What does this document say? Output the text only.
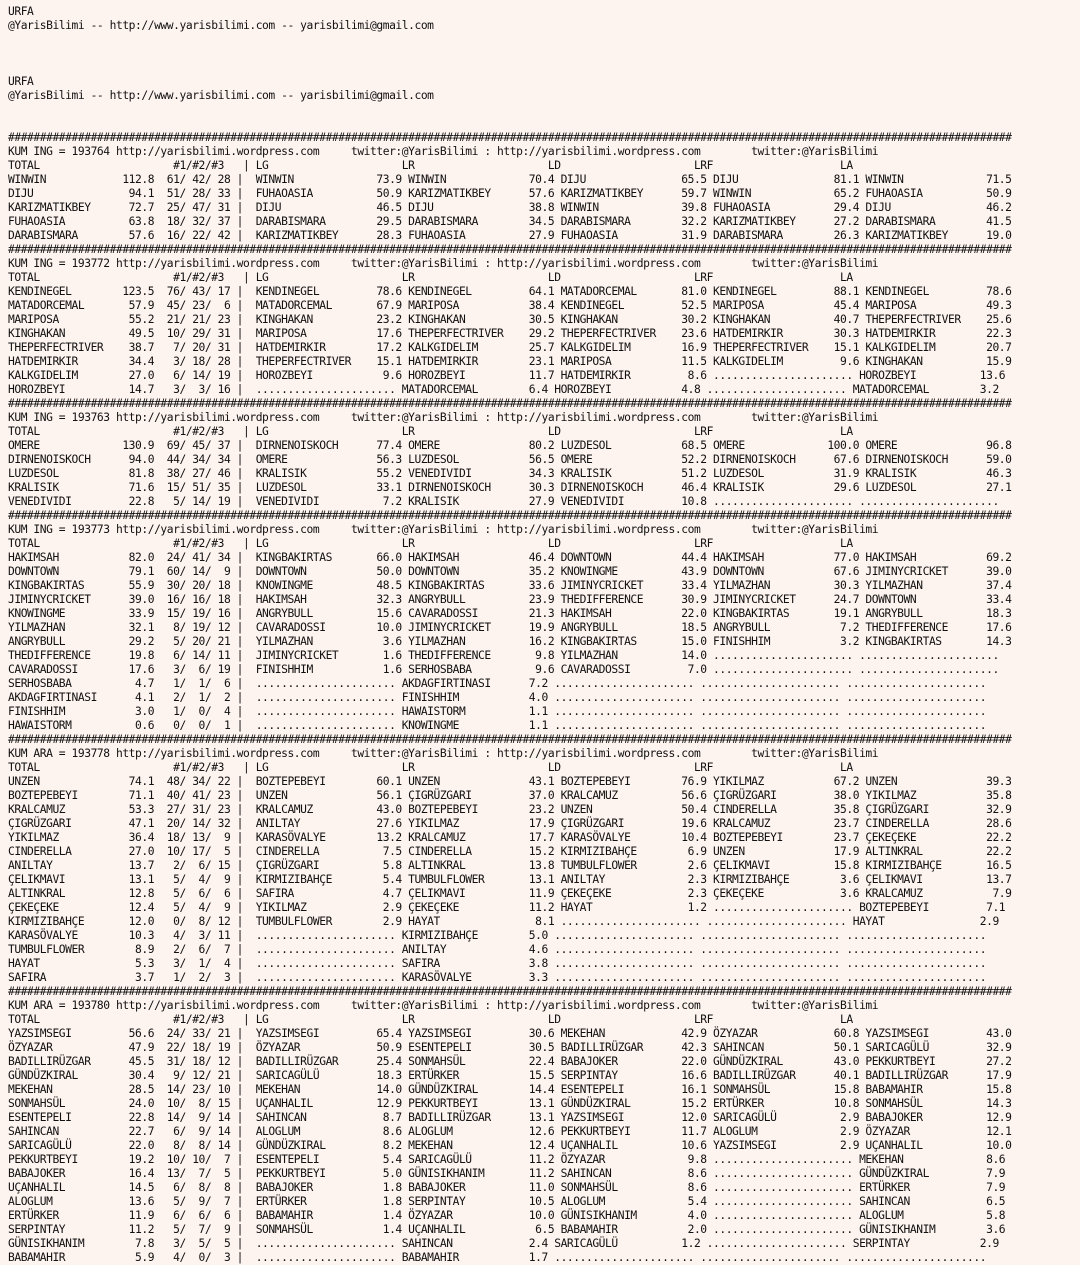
URFA
@YarisBilimi -- http://www.yarisbilimi.com -- yarisbilimi@gmail.com
URFA
@YarisBilimi -- http://www.yarisbilimi.com -- yarisbilimi@gmail.com
##############################################################################################################################################################
KUM ING = 193764 http://yarisbilimi.wordpress.com     twitter:@YarisBilimi : http://yarisbilimi.wordpress.com        twitter:@YarisBilimi
TOTAL                     #1/#2/#3   | LG                     LR                     LD                     LRF                    LA
WINWIN            112.8  61/ 42/ 28 |  WINWIN             73.9 WINWIN             70.4 DIJU               65.5 DIJU               81.1 WINWIN             71.5
DIJU               94.1  51/ 28/ 33 |  FUHAOASIA          50.9 KARIZMATIKBEY      57.6 KARIZMATIKBEY      59.7 WINWIN             65.2 FUHAOASIA          50.9
KARIZMATIKBEY      72.7  25/ 47/ 31 |  DIJU               46.5 DIJU               38.8 WINWIN             39.8 FUHAOASIA          29.4 DIJU               46.2
FUHAOASIA          63.8  18/ 32/ 37 |  DARABISMARA        29.5 DARABISMARA        34.5 DARABISMARA        32.2 KARIZMATIKBEY      27.2 DARABISMARA        41.5
DARABISMARA        57.6  16/ 22/ 42 |  KARIZMATIKBEY      28.3 FUHAOASIA          27.9 FUHAOASIA          31.9 DARABISMARA        26.3 KARIZMATIKBEY      19.0
##############################################################################################################################################################
KUM ING = 193772 http://yarisbilimi.wordpress.com     twitter:@YarisBilimi : http://yarisbilimi.wordpress.com        twitter:@YarisBilimi
TOTAL                     #1/#2/#3   | LG                     LR                     LD                     LRF                    LA
KENDINEGEL        123.5  76/ 43/ 17 |  KENDINEGEL         78.6 KENDINEGEL         64.1 MATADORCEMAL       81.0 KENDINEGEL         88.1 KENDINEGEL         78.6
MATADORCEMAL       57.9  45/ 23/  6 |  MATADORCEMAL       67.9 MARIPOSA           38.4 KENDINEGEL         52.5 MARIPOSA           45.4 MARIPOSA           49.3
MARIPOSA           55.2  21/ 21/ 23 |  KINGHAKAN          23.2 KINGHAKAN          30.5 KINGHAKAN          30.2 KINGHAKAN          40.7 THEPERFECTRIVER    25.6
KINGHAKAN          49.5  10/ 29/ 31 |  MARIPOSA           17.6 THEPERFECTRIVER    29.2 THEPERFECTRIVER    23.6 HATDEMIRKIR        30.3 HATDEMIRKIR        22.3
THEPERFECTRIVER    38.7   7/ 20/ 31 |  HATDEMIRKIR        17.2 KALKGIDELIM        25.7 KALKGIDELIM        16.9 THEPERFECTRIVER    15.1 KALKGIDELIM        20.7
HATDEMIRKIR        34.4   3/ 18/ 28 |  THEPERFECTRIVER    15.1 HATDEMIRKIR        23.1 MARIPOSA           11.5 KALKGIDELIM         9.6 KINGHAKAN          15.9
KALKGIDELIM        27.0   6/ 14/ 19 |  HOROZBEYI           9.6 HOROZBEYI          11.7 HATDEMIRKIR         8.6 ...................... HOROZBEYI          13.6
HOROZBEYI          14.7   3/  3/ 16 |  ...................... MATADORCEMAL        6.4 HOROZBEYI           4.8 ...................... MATADORCEMAL        3.2
##############################################################################################################################################################
KUM ING = 193763 http://yarisbilimi.wordpress.com     twitter:@YarisBilimi : http://yarisbilimi.wordpress.com        twitter:@YarisBilimi
TOTAL                     #1/#2/#3   | LG                     LR                     LD                     LRF                    LA
OMERE             130.9  69/ 45/ 37 |  DIRNENOISKOCH      77.4 OMERE              80.2 LUZDESOL           68.5 OMERE             100.0 OMERE              96.8
DIRNENOISKOCH      94.0  44/ 34/ 34 |  OMERE              56.3 LUZDESOL           56.5 OMERE              52.2 DIRNENOISKOCH      67.6 DIRNENOISKOCH      59.0
LUZDESOL           81.8  38/ 27/ 46 |  KRALISIK           55.2 VENEDIVIDI         34.3 KRALISIK           51.2 LUZDESOL           31.9 KRALISIK           46.3
KRALISIK           71.6  15/ 51/ 35 |  LUZDESOL           33.1 DIRNENOISKOCH      30.3 DIRNENOISKOCH      46.4 KRALISIK           29.6 LUZDESOL           27.1
VENEDIVIDI         22.8   5/ 14/ 19 |  VENEDIVIDI          7.2 KRALISIK           27.9 VENEDIVIDI         10.8 ...................... ......................
##############################################################################################################################################################
KUM ING = 193773 http://yarisbilimi.wordpress.com     twitter:@YarisBilimi : http://yarisbilimi.wordpress.com        twitter:@YarisBilimi
TOTAL                     #1/#2/#3   | LG                     LR                     LD                     LRF                    LA
HAKIMSAH           82.0  24/ 41/ 34 |  KINGBAKIRTAS       66.0 HAKIMSAH           46.4 DOWNTOWN           44.4 HAKIMSAH           77.0 HAKIMSAH           69.2
DOWNTOWN           79.1  60/ 14/  9 |  DOWNTOWN           50.0 DOWNTOWN           35.2 KNOWINGME          43.9 DOWNTOWN           67.6 JIMINYCRICKET      39.0
KINGBAKIRTAS       55.9  30/ 20/ 18 |  KNOWINGME          48.5 KINGBAKIRTAS       33.6 JIMINYCRICKET      33.4 YILMAZHAN          30.3 YILMAZHAN          37.4
JIMINYCRICKET      39.0  16/ 16/ 18 |  HAKIMSAH           32.3 ANGRYBULL          23.9 THEDIFFERENCE      30.9 JIMINYCRICKET      24.7 DOWNTOWN           33.4
KNOWINGME          33.9  15/ 19/ 16 |  ANGRYBULL          15.6 CAVARADOSSI        21.3 HAKIMSAH           22.0 KINGBAKIRTAS       19.1 ANGRYBULL          18.3
YILMAZHAN          32.1   8/ 19/ 12 |  CAVARADOSSI        10.0 JIMINYCRICKET      19.9 ANGRYBULL          18.5 ANGRYBULL           7.2 THEDIFFERENCE      17.6
ANGRYBULL          29.2   5/ 20/ 21 |  YILMAZHAN           3.6 YILMAZHAN          16.2 KINGBAKIRTAS       15.0 FINISHHIM           3.2 KINGBAKIRTAS       14.3
THEDIFFERENCE      19.8   6/ 14/ 11 |  JIMINYCRICKET       1.6 THEDIFFERENCE       9.8 YILMAZHAN          14.0 ...................... ......................
CAVARADOSSI        17.6   3/  6/ 19 |  FINISHHIM           1.6 SERHOSBABA          9.6 CAVARADOSSI         7.0 ...................... ......................
SERHOSBABA          4.7   1/  1/  6 |  ...................... AKDAGFIRTINASI      7.2 ...................... ...................... ......................
AKDAGFIRTINASI      4.1   2/  1/  2 |  ...................... FINISHHIM           4.0 ...................... ...................... ......................
FINISHHIM           3.0   1/  0/  4 |  ...................... HAWAISTORM          1.1 ...................... ...................... ......................
HAWAISTORM          0.6   0/  0/  1 |  ...................... KNOWINGME           1.1 ...................... ...................... ......................
##############################################################################################################################################################
KUM ARA = 193778 http://yarisbilimi.wordpress.com     twitter:@YarisBilimi : http://yarisbilimi.wordpress.com        twitter:@YarisBilimi
TOTAL                     #1/#2/#3   | LG                     LR                     LD                     LRF                    LA
UNZEN              74.1  48/ 34/ 22 |  BOZTEPEBEYI        60.1 UNZEN              43.1 BOZTEPEBEYI        76.9 YIKILMAZ           67.2 UNZEN              39.3
BOZTEPEBEYI        71.1  40/ 41/ 23 |  UNZEN              56.1 ÇIGRÜZGARI         37.0 KRALCAMUZ          56.6 ÇIGRÜZGARI         38.0 YIKILMAZ           35.8
KRALCAMUZ          53.3  27/ 31/ 23 |  KRALCAMUZ          43.0 BOZTEPEBEYI        23.2 UNZEN              50.4 CINDERELLA         35.8 ÇIGRÜZGARI         32.9
ÇIGRÜZGARI         47.1  20/ 14/ 32 |  ANILTAY            27.6 YIKILMAZ           17.9 ÇIGRÜZGARI         19.6 KRALCAMUZ          23.7 CINDERELLA         28.6
YIKILMAZ           36.4  18/ 13/  9 |  KARASÖVALYE        13.2 KRALCAMUZ          17.7 KARASÖVALYE        10.4 BOZTEPEBEYI        23.7 ÇEKEÇEKE           22.2
CINDERELLA         27.0  10/ 17/  5 |  CINDERELLA          7.5 CINDERELLA         15.2 KIRMIZIBAHÇE        6.9 UNZEN              17.9 ALTINKRAL          22.2
ANILTAY            13.7   2/  6/ 15 |  ÇIGRÜZGARI          5.8 ALTINKRAL          13.8 TUMBULFLOWER        2.6 ÇELIKMAVI          15.8 KIRMIZIBAHÇE       16.5
ÇELIKMAVI          13.1   5/  4/  9 |  KIRMIZIBAHÇE        5.4 TUMBULFLOWER       13.1 ANILTAY             2.3 KIRMIZIBAHÇE        3.6 ÇELIKMAVI          13.7
ALTINKRAL          12.8   5/  6/  6 |  SAFIRA              4.7 ÇELIKMAVI          11.9 ÇEKEÇEKE            2.3 ÇEKEÇEKE            3.6 KRALCAMUZ           7.9
ÇEKEÇEKE           12.4   5/  4/  9 |  YIKILMAZ            2.9 ÇEKEÇEKE           11.2 HAYAT               1.2 ...................... BOZTEPEBEYI         7.1
KIRMIZIBAHÇE       12.0   0/  8/ 12 |  TUMBULFLOWER        2.9 HAYAT               8.1 ...................... ...................... HAYAT               2.9
KARASÖVALYE        10.3   4/  3/ 11 |  ...................... KIRMIZIBAHÇE        5.0 ...................... ...................... ......................
TUMBULFLOWER        8.9   2/  6/  7 |  ...................... ANILTAY             4.6 ...................... ...................... ......................
HAYAT               5.3   3/  1/  4 |  ...................... SAFIRA              3.8 ...................... ...................... ......................
SAFIRA              3.7   1/  2/  3 |  ...................... KARASÖVALYE         3.3 ...................... ...................... ......................
##############################################################################################################################################################
KUM ARA = 193780 http://yarisbilimi.wordpress.com     twitter:@YarisBilimi : http://yarisbilimi.wordpress.com        twitter:@YarisBilimi
TOTAL                     #1/#2/#3   | LG                     LR                     LD                     LRF                    LA
YAZSIMSEGI         56.6  24/ 33/ 21 |  YAZSIMSEGI         65.4 YAZSIMSEGI         30.6 MEKEHAN            42.9 ÖZYAZAR            60.8 YAZSIMSEGI         43.0
ÖZYAZAR            47.9  22/ 18/ 19 |  ÖZYAZAR            50.9 ESENTEPELI         30.5 BADILLIRÜZGAR      42.3 SAHINCAN           50.1 SARICAGÜLÜ         32.9
BADILLIRÜZGAR      45.5  31/ 18/ 12 |  BADILLIRÜZGAR      25.4 SONMAHSÜL          22.4 BABAJOKER          22.0 GÜNDÜZKIRAL        43.0 PEKKURTBEYI        27.2
GÜNDÜZKIRAL        30.4   9/ 12/ 21 |  SARICAGÜLÜ         18.3 ERTÜRKER           15.5 SERPINTAY          16.6 BADILLIRÜZGAR      40.1 BADILLIRÜZGAR      17.9
MEKEHAN            28.5  14/ 23/ 10 |  MEKEHAN            14.0 GÜNDÜZKIRAL        14.4 ESENTEPELI         16.1 SONMAHSÜL          15.8 BABAMAHIR          15.8
SONMAHSÜL          24.0  10/  8/ 15 |  UÇANHALIL          12.9 PEKKURTBEYI        13.1 GÜNDÜZKIRAL        15.2 ERTÜRKER           10.8 SONMAHSÜL          14.3
ESENTEPELI         22.8  14/  9/ 14 |  SAHINCAN            8.7 BADILLIRÜZGAR      13.1 YAZSIMSEGI         12.0 SARICAGÜLÜ          2.9 BABAJOKER          12.9
SAHINCAN           22.7   6/  9/ 14 |  ALOGLUM             8.6 ALOGLUM            12.6 PEKKURTBEYI        11.7 ALOGLUM             2.9 ÖZYAZAR            12.1
SARICAGÜLÜ         22.0   8/  8/ 14 |  GÜNDÜZKIRAL         8.2 MEKEHAN            12.4 UÇANHALIL          10.6 YAZSIMSEGI          2.9 UÇANHALIL          10.0
PEKKURTBEYI        19.2  10/ 10/  7 |  ESENTEPELI          5.4 SARICAGÜLÜ         11.2 ÖZYAZAR             9.8 ...................... MEKEHAN             8.6
BABAJOKER          16.4  13/  7/  5 |  PEKKURTBEYI         5.0 GÜNISIKHANIM       11.2 SAHINCAN            8.6 ...................... GÜNDÜZKIRAL         7.9
UÇANHALIL          14.5   6/  8/  8 |  BABAJOKER           1.8 BABAJOKER          11.0 SONMAHSÜL           8.6 ...................... ERTÜRKER            7.9
ALOGLUM            13.6   5/  9/  7 |  ERTÜRKER            1.8 SERPINTAY          10.5 ALOGLUM             5.4 ...................... SAHINCAN            6.5
ERTÜRKER           11.9   6/  6/  6 |  BABAMAHIR           1.4 ÖZYAZAR            10.0 GÜNISIKHANIM        4.0 ...................... ALOGLUM             5.8
SERPINTAY          11.2   5/  7/  9 |  SONMAHSÜL           1.4 UÇANHALIL           6.5 BABAMAHIR           2.0 ...................... GÜNISIKHANIM        3.6
GÜNISIKHANIM        7.8   3/  5/  5 |  ...................... SAHINCAN            2.4 SARICAGÜLÜ          1.2 ...................... SERPINTAY           2.9
BABAMAHIR           5.9   4/  0/  3 |  ...................... BABAMAHIR           1.7 ...................... ...................... ......................
